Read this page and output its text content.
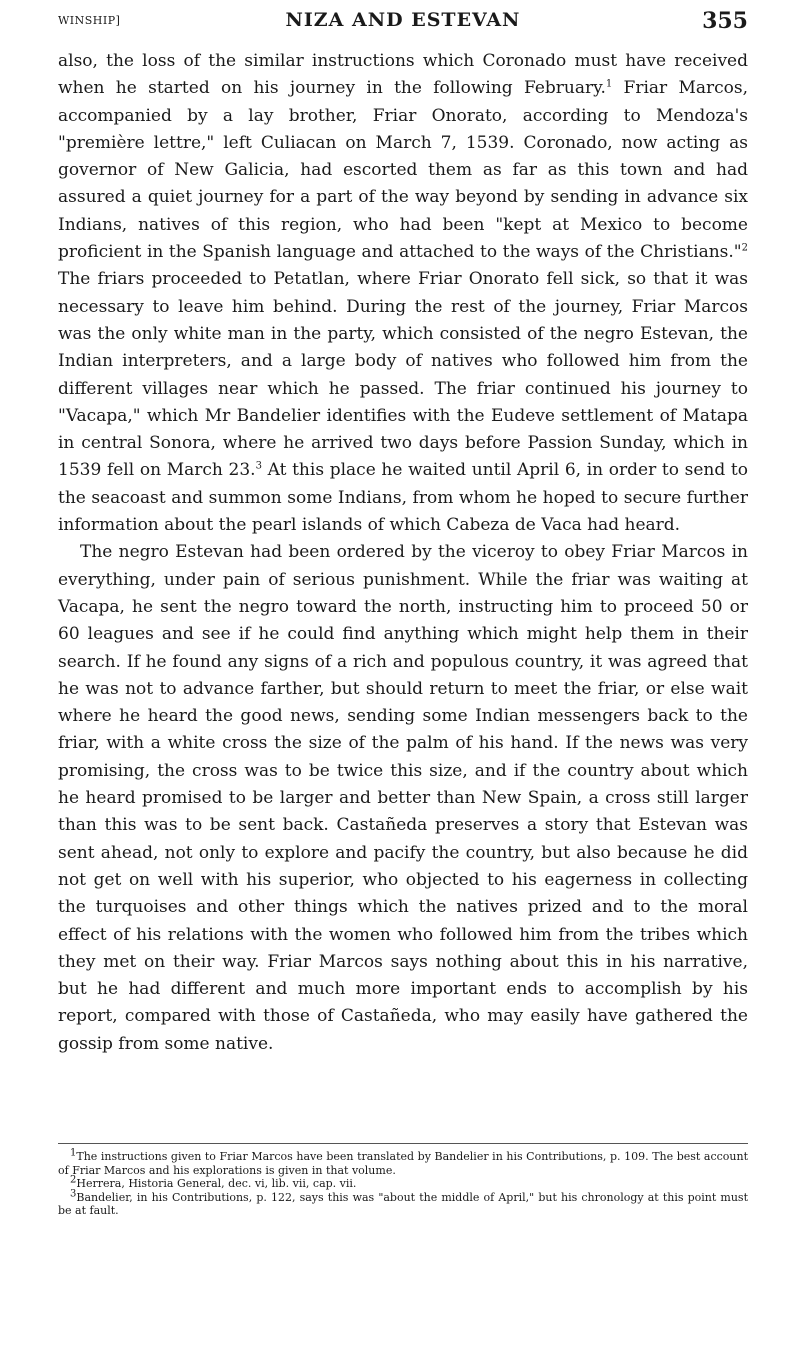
WINSHIP]	NIZA AND ESTEVAN	355

also, the loss of the similar instructions which Coronado must have received when he started on his journey in the following February.$^1$ Friar Marcos, accompanied by a lay brother, Friar Onorato, according to Mendoza's "première lettre," left Culiacan on March 7, 1539. Coronado, now acting as governor of New Galicia, had escorted them as far as this town and had assured a quiet journey for a part of the way beyond by sending in advance six Indians, natives of this region, who had been "kept at Mexico to become proficient in the Spanish language and attached to the ways of the Christians."$^2$ The friars proceeded to Petatlan, where Friar Onorato fell sick, so that it was necessary to leave him behind. During the rest of the journey, Friar Marcos was the only white man in the party, which consisted of the negro Estevan, the Indian interpreters, and a large body of natives who followed him from the different villages near which he passed. The friar continued his journey to "Vacapa," which Mr Bandelier identifies with the Eudeve settlement of Matapa in central Sonora, where he arrived two days before Passion Sunday, which in 1539 fell on March 23.$^3$ At this place he waited until April 6, in order to send to the seacoast and summon some Indians, from whom he hoped to secure further information about the pearl islands of which Cabeza de Vaca had heard.

The negro Estevan had been ordered by the viceroy to obey Friar Marcos in everything, under pain of serious punishment. While the friar was waiting at Vacapa, he sent the negro toward the north, instructing him to proceed 50 or 60 leagues and see if he could find anything which might help them in their search. If he found any signs of a rich and populous country, it was agreed that he was not to advance farther, but should return to meet the friar, or else wait where he heard the good news, sending some Indian messengers back to the friar, with a white cross the size of the palm of his hand. If the news was very promising, the cross was to be twice this size, and if the country about which he heard promised to be larger and better than New Spain, a cross still larger than this was to be sent back. Castañeda preserves a story that Estevan was sent ahead, not only to explore and pacify the country, but also because he did not get on well with his superior, who objected to his eagerness in collecting the turquoises and other things which the natives prized and to the moral effect of his relations with the women who followed him from the tribes which they met on their way. Friar Marcos says nothing about this in his narrative, but he had different and much more important ends to accomplish by his report, compared with those of Castañeda, who may easily have gathered the gossip from some native.

$^1$The instructions given to Friar Marcos have been translated by Bandelier in his Contributions, p. 109. The best account of Friar Marcos and his explorations is given in that volume.

$^2$Herrera, Historia General, dec. vi, lib. vii, cap. vii.

$^3$Bandelier, in his Contributions, p. 122, says this was "about the middle of April," but his chronology at this point must be at fault.
